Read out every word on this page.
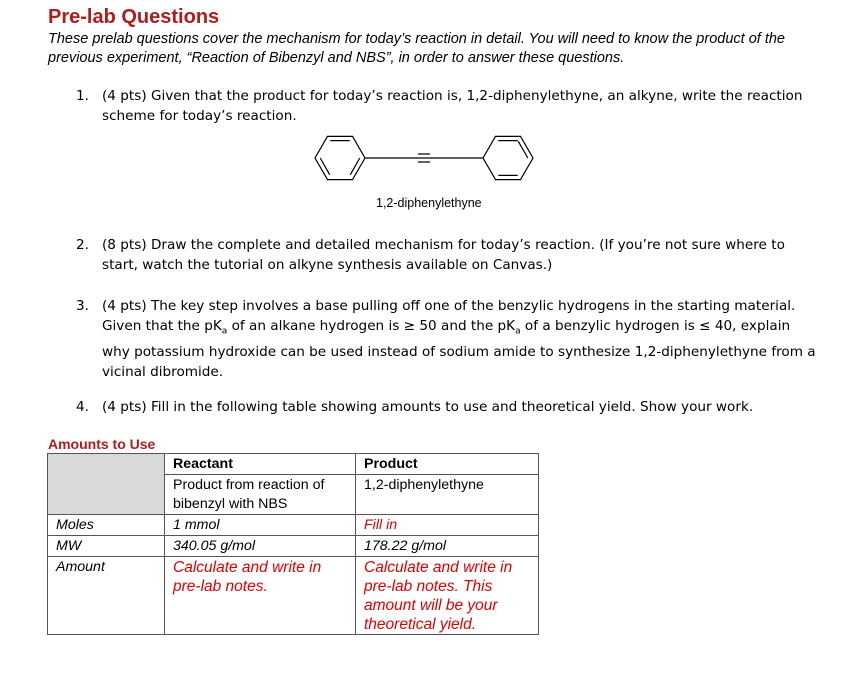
Pre-lab Questions
These prelab questions cover the mechanism for today’s reaction in detail. You will need to know the product of the previous experiment, “Reaction of Bibenzyl and NBS”, in order to answer these questions.
1. (4 pts) Given that the product for today’s reaction is, 1,2-diphenylethyne, an alkyne, write the reaction scheme for today’s reaction.
1,2-diphenylethyne
2. (8 pts) Draw the complete and detailed mechanism for today’s reaction. (If you’re not sure where to start, watch the tutorial on alkyne synthesis available on Canvas.)
3. (4 pts) The key step involves a base pulling off one of the benzylic hydrogens in the starting material. Given that the $pK_a$ of an alkane hydrogen is ≥ 50 and the $pK_a$ of a benzylic hydrogen is ≤ 40, explain why potassium hydroxide can be used instead of sodium amide to synthesize 1,2-diphenylethyne from a vicinal dibromide.
4. (4 pts) Fill in the following table showing amounts to use and theoretical yield. Show your work.
Amounts to Use
	Reactant	Product
	Product from reaction of bibenzyl with NBS	1,2-diphenylethyne
Moles	1 mmol	Fill in
MW	340.05 g/mol	178.22 g/mol
Amount	Calculate and write in pre-lab notes.	Calculate and write in pre-lab notes. This amount will be your theoretical yield.
